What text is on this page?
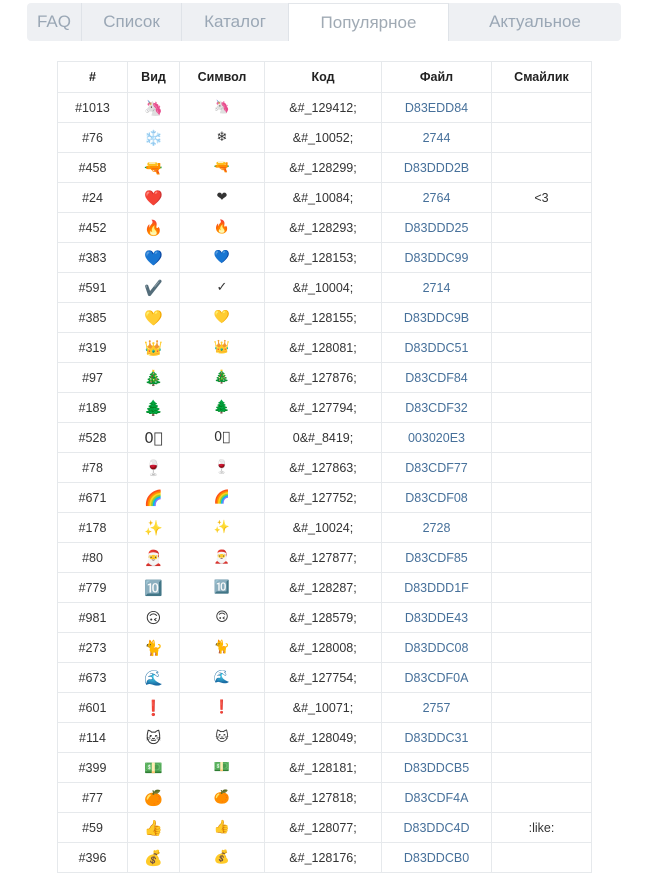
FAQ	Список	Каталог	Популярное	Актуальное
#	Вид	Символ	Код	Файл	Смайлик
#1013	🦄	🦄	&#_129412;	D83EDD84	
#76	❄️	❄	&#_10052;	2744	
#458	🔫	🔫	&#_128299;	D83DDD2B	
#24	❤️	❤	&#_10084;	2764	<3
#452	🔥	🔥	&#_128293;	D83DDD25	
#383	💙	💙	&#_128153;	D83DDC99	
#591	✔️	✓	&#_10004;	2714	
#385	💛	💛	&#_128155;	D83DDC9B	
#319	👑	👑	&#_128081;	D83DDC51	
#97	🎄	🎄	&#_127876;	D83CDF84	
#189	🌲	🌲	&#_127794;	D83CDF32	
#528	0⃣	0⃣	0&#_8419;	003020E3	
#78	🍷	🍷	&#_127863;	D83CDF77	
#671	🌈	🌈	&#_127752;	D83CDF08	
#178	✨	✨	&#_10024;	2728	
#80	🎅	🎅	&#_127877;	D83CDF85	
#779	🔟	🔟	&#_128287;	D83DDD1F	
#981	🙃	🙃	&#_128579;	D83DDE43	
#273	🐈	🐈	&#_128008;	D83DDC08	
#673	🌊	🌊	&#_127754;	D83CDF0A	
#601	❗	❗	&#_10071;	2757	
#114	🐱	🐱	&#_128049;	D83DDC31	
#399	💵	💵	&#_128181;	D83DDCB5	
#77	🍊	🍊	&#_127818;	D83CDF4A	
#59	👍	👍	&#_128077;	D83DDC4D	:like:
#396	💰	💰	&#_128176;	D83DDCB0	
